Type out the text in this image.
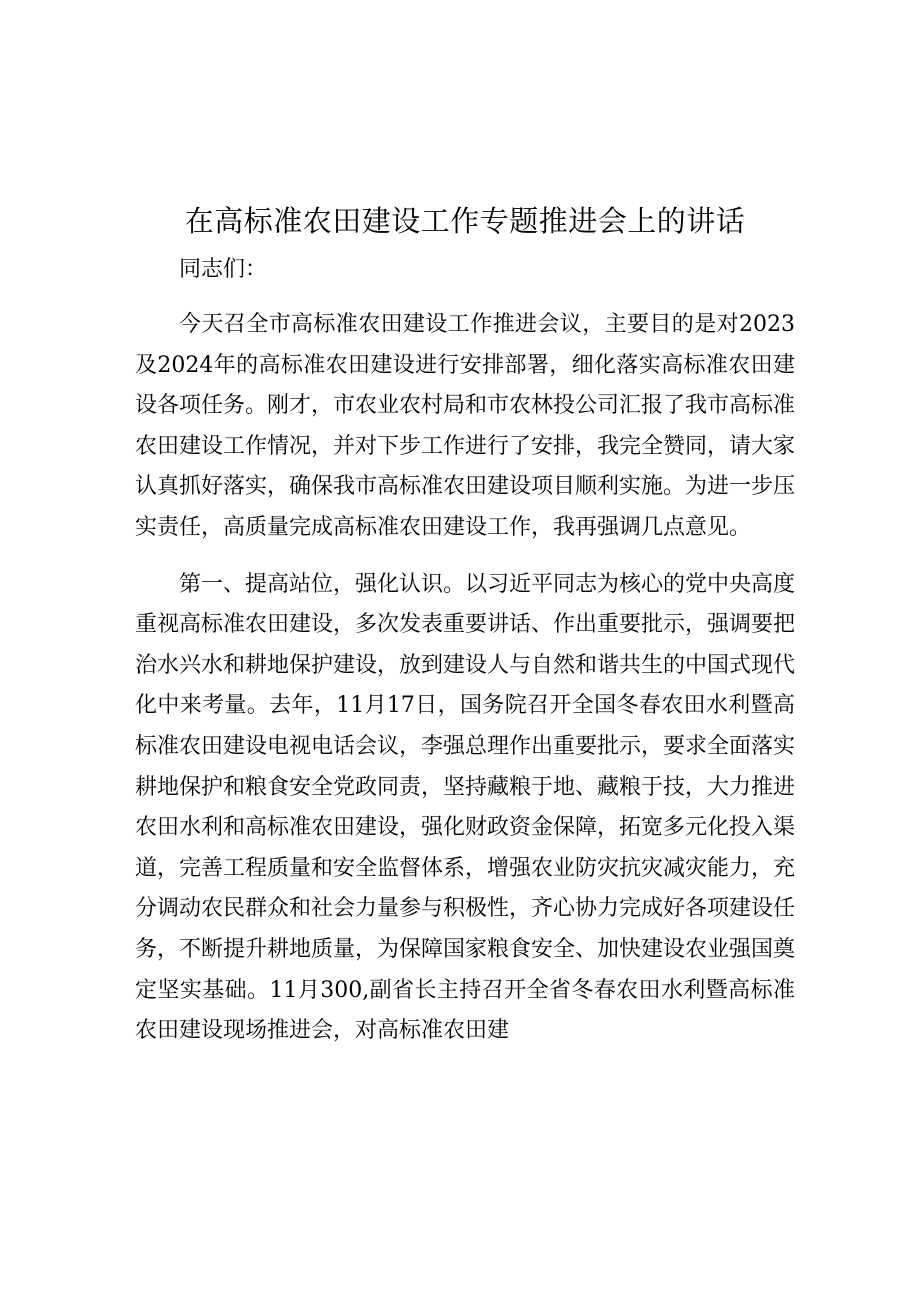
在高标准农田建设工作专题推进会上的讲话

同志们：

今天召全市高标准农田建设工作推进会议，主要目的是对2023及2024年的高标准农田建设进行安排部署，细化落实高标准农田建设各项任务。刚才，市农业农村局和市农林投公司汇报了我市高标准农田建设工作情况，并对下步工作进行了安排，我完全赞同，请大家认真抓好落实，确保我市高标准农田建设项目顺利实施。为进一步压实责任，高质量完成高标准农田建设工作，我再强调几点意见。

第一、提高站位，强化认识。以习近平同志为核心的党中央高度重视高标准农田建设，多次发表重要讲话、作出重要批示，强调要把治水兴水和耕地保护建设，放到建设人与自然和谐共生的中国式现代化中来考量。去年，11月17日，国务院召开全国冬春农田水利暨高标准农田建设电视电话会议，李强总理作出重要批示，要求全面落实耕地保护和粮食安全党政同责，坚持藏粮于地、藏粮于技，大力推进农田水利和高标准农田建设，强化财政资金保障，拓宽多元化投入渠道，完善工程质量和安全监督体系，增强农业防灾抗灾减灾能力，充分调动农民群众和社会力量参与积极性，齐心协力完成好各项建设任务，不断提升耕地质量，为保障国家粮食安全、加快建设农业强国奠定坚实基础。11月300,副省长主持召开全省冬春农田水利暨高标准农田建设现场推进会，对高标准农田建
